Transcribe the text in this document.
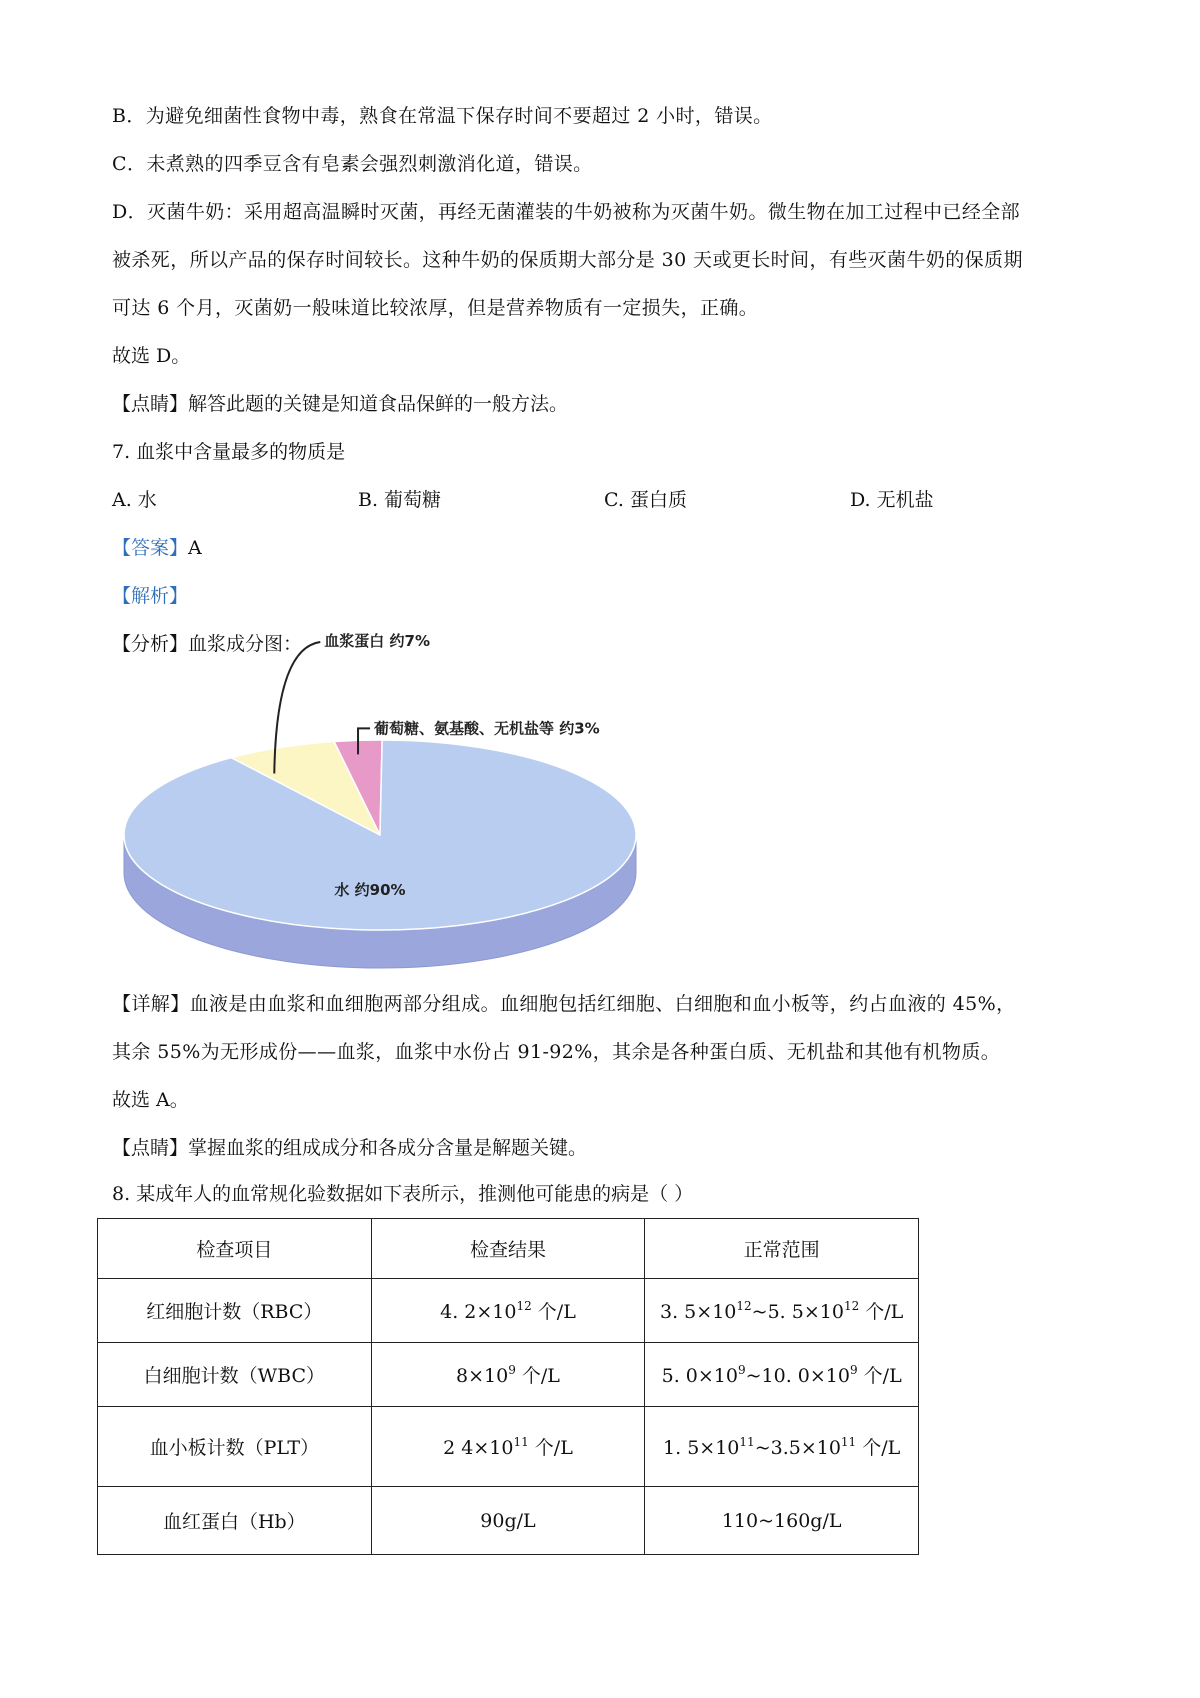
B．为避免细菌性食物中毒，熟食在常温下保存时间不要超过 2 小时，错误。
C．未煮熟的四季豆含有皂素会强烈刺激消化道，错误。
D．灭菌牛奶：采用超高温瞬时灭菌，再经无菌灌装的牛奶被称为灭菌牛奶。微生物在加工过程中已经全部
被杀死，所以产品的保存时间较长。这种牛奶的保质期大部分是 30 天或更长时间，有些灭菌牛奶的保质期
可达 6 个月，灭菌奶一般味道比较浓厚，但是营养物质有一定损失，正确。
故选 D。
【点睛】解答此题的关键是知道食品保鲜的一般方法。
7. 血浆中含量最多的物质是
A. 水	B. 葡萄糖	C. 蛋白质	D. 无机盐
【答案】A
【解析】
【分析】血浆成分图： 血浆蛋白 约7%
葡萄糖、氨基酸、无机盐等 约3%
水 约90%
【详解】血液是由血浆和血细胞两部分组成。血细胞包括红细胞、白细胞和血小板等，约占血液的 45%，
其余 55%为无形成份——血浆，血浆中水份占 91-92%，其余是各种蛋白质、无机盐和其他有机物质。
故选 A。
【点睛】掌握血浆的组成成分和各成分含量是解题关键。
8. 某成年人的血常规化验数据如下表所示，推测他可能患的病是（ ）
检查项目	检查结果	正常范围
红细胞计数（RBC）	4. $2\times 10^{12}$ 个/L	3. $5\times 10^{12}\sim 5$. $5\times 10^{12}$ 个/L
白细胞计数（WBC）	$8\times 10^9$ 个/L	5. $0\times 10^9\sim 10$. $0\times 10^9$ 个/L
血小板计数（PLT）	2 $4\times 10^{11}$ 个/L	1. $5\times 10^{11}\sim 3.5\times 10^{11}$ 个/L
血红蛋白（Hb）	90g/L	110~160g/L
